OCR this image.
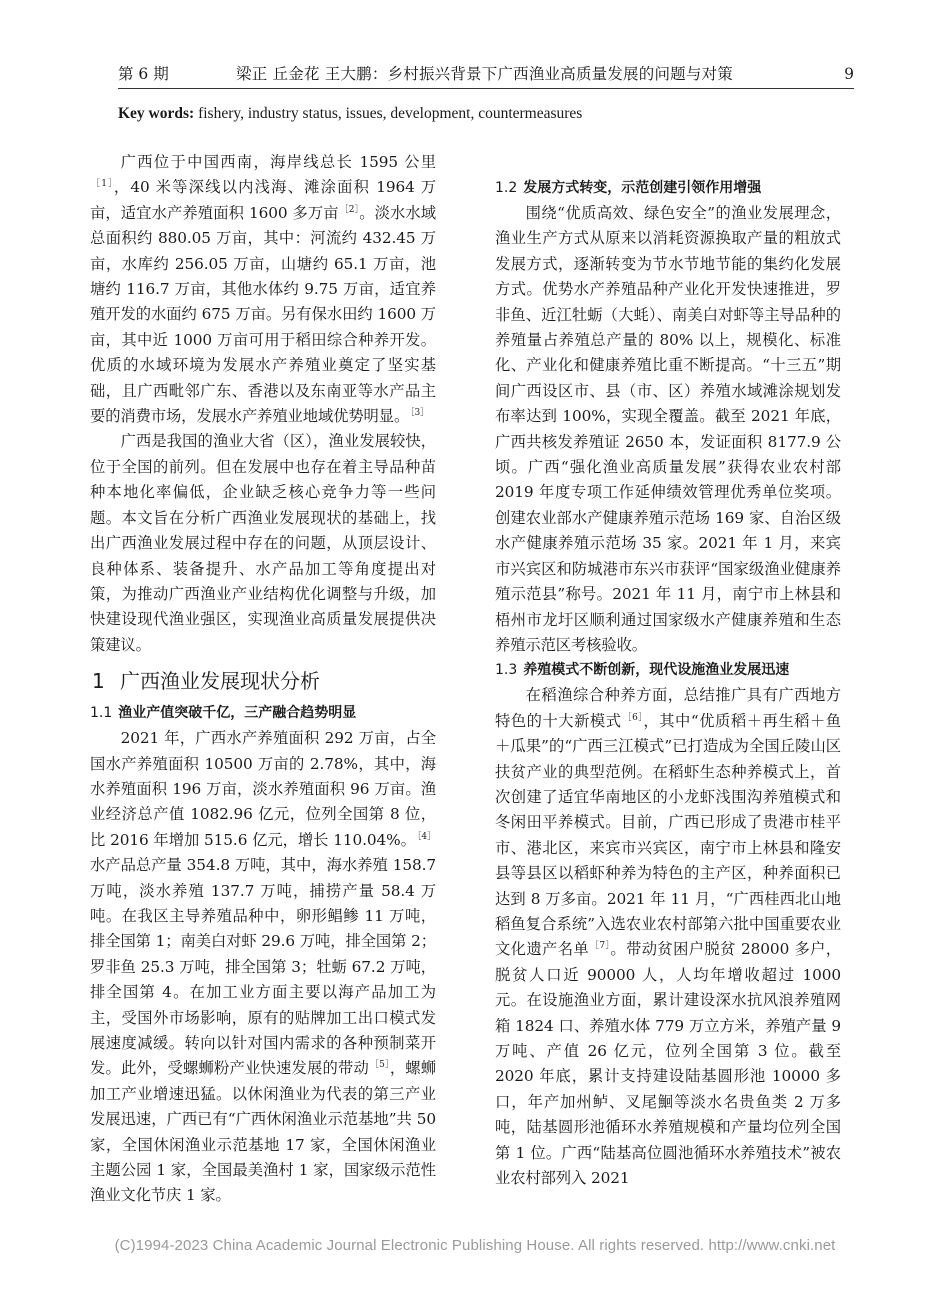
第 6 期	梁正 丘金花 王大鹏：乡村振兴背景下广西渔业高质量发展的问题与对策	9
Key words: fishery, industry status, issues, development, countermeasures

广西位于中国西南，海岸线总长 1595 公里$^{[1]}$，40 米等深线以内浅海、滩涂面积 1964 万亩，适宜水产养殖面积 1600 多万亩$^{[2]}$。淡水水域总面积约 880.05 万亩，其中：河流约 432.45 万亩，水库约 256.05 万亩，山塘约 65.1 万亩，池塘约 116.7 万亩，其他水体约 9.75 万亩，适宜养殖开发的水面约 675 万亩。另有保水田约 1600 万亩，其中近 1000 万亩可用于稻田综合种养开发。优质的水域环境为发展水产养殖业奠定了坚实基础，且广西毗邻广东、香港以及东南亚等水产品主要的消费市场，发展水产养殖业地域优势明显。$^{[3]}$

广西是我国的渔业大省（区），渔业发展较快，位于全国的前列。但在发展中也存在着主导品种苗种本地化率偏低，企业缺乏核心竞争力等一些问题。本文旨在分析广西渔业发展现状的基础上，找出广西渔业发展过程中存在的问题，从顶层设计、良种体系、装备提升、水产品加工等角度提出对策，为推动广西渔业产业结构优化调整与升级，加快建设现代渔业强区，实现渔业高质量发展提供决策建议。

1 广西渔业发展现状分析
1.1 渔业产值突破千亿，三产融合趋势明显

2021 年，广西水产养殖面积 292 万亩，占全国水产养殖面积 10500 万亩的 2.78%，其中，海水养殖面积 196 万亩，淡水养殖面积 96 万亩。渔业经济总产值 1082.96 亿元，位列全国第 8 位，比 2016 年增加 515.6 亿元，增长 110.04%。$^{[4]}$水产品总产量 354.8 万吨，其中，海水养殖 158.7 万吨，淡水养殖 137.7 万吨，捕捞产量 58.4 万吨。在我区主导养殖品种中，卵形鲳鲹 11 万吨，排全国第 1；南美白对虾 29.6 万吨，排全国第 2；罗非鱼 25.3 万吨，排全国第 3；牡蛎 67.2 万吨，排全国第 4。在加工业方面主要以海产品加工为主，受国外市场影响，原有的贴牌加工出口模式发展速度减缓。转向以针对国内需求的各种预制菜开发。此外，受螺蛳粉产业快速发展的带动$^{[5]}$，螺蛳加工产业增速迅猛。以休闲渔业为代表的第三产业发展迅速，广西已有“广西休闲渔业示范基地”共 50 家，全国休闲渔业示范基地 17 家，全国休闲渔业主题公园 1 家，全国最美渔村 1 家，国家级示范性渔业文化节庆 1 家。

1.2 发展方式转变，示范创建引领作用增强

围绕“优质高效、绿色安全”的渔业发展理念，渔业生产方式从原来以消耗资源换取产量的粗放式发展方式，逐渐转变为节水节地节能的集约化发展方式。优势水产养殖品种产业化开发快速推进，罗非鱼、近江牡蛎（大蚝）、南美白对虾等主导品种的养殖量占养殖总产量的 80% 以上，规模化、标准化、产业化和健康养殖比重不断提高。“十三五”期间广西设区市、县（市、区）养殖水域滩涂规划发布率达到 100%，实现全覆盖。截至 2021 年底，广西共核发养殖证 2650 本，发证面积 8177.9 公顷。广西“强化渔业高质量发展”获得农业农村部 2019 年度专项工作延伸绩效管理优秀单位奖项。创建农业部水产健康养殖示范场 169 家、自治区级水产健康养殖示范场 35 家。2021 年 1 月，来宾市兴宾区和防城港市东兴市获评“国家级渔业健康养殖示范县”称号。2021 年 11 月，南宁市上林县和梧州市龙圩区顺利通过国家级水产健康养殖和生态养殖示范区考核验收。

1.3 养殖模式不断创新，现代设施渔业发展迅速

在稻渔综合种养方面，总结推广具有广西地方特色的十大新模式$^{[6]}$，其中“优质稻＋再生稻＋鱼＋瓜果”的“广西三江模式”已打造成为全国丘陵山区扶贫产业的典型范例。在稻虾生态种养模式上，首次创建了适宜华南地区的小龙虾浅围沟养殖模式和冬闲田平养模式。目前，广西已形成了贵港市桂平市、港北区，来宾市兴宾区，南宁市上林县和隆安县等县区以稻虾种养为特色的主产区，种养面积已达到 8 万多亩。2021 年 11 月，“广西桂西北山地稻鱼复合系统”入选农业农村部第六批中国重要农业文化遗产名单$^{[7]}$。带动贫困户脱贫 28000 多户，脱贫人口近 90000 人，人均年增收超过 1000 元。在设施渔业方面，累计建设深水抗风浪养殖网箱 1824 口、养殖水体 779 万立方米，养殖产量 9 万吨、产值 26 亿元，位列全国第 3 位。截至 2020 年底，累计支持建设陆基圆形池 10000 多口，年产加州鲈、叉尾鮰等淡水名贵鱼类 2 万多吨，陆基圆形池循环水养殖规模和产量均位列全国第 1 位。广西“陆基高位圆池循环水养殖技术”被农业农村部列入 2021

(C)1994-2023 China Academic Journal Electronic Publishing House. All rights reserved. http://www.cnki.net
